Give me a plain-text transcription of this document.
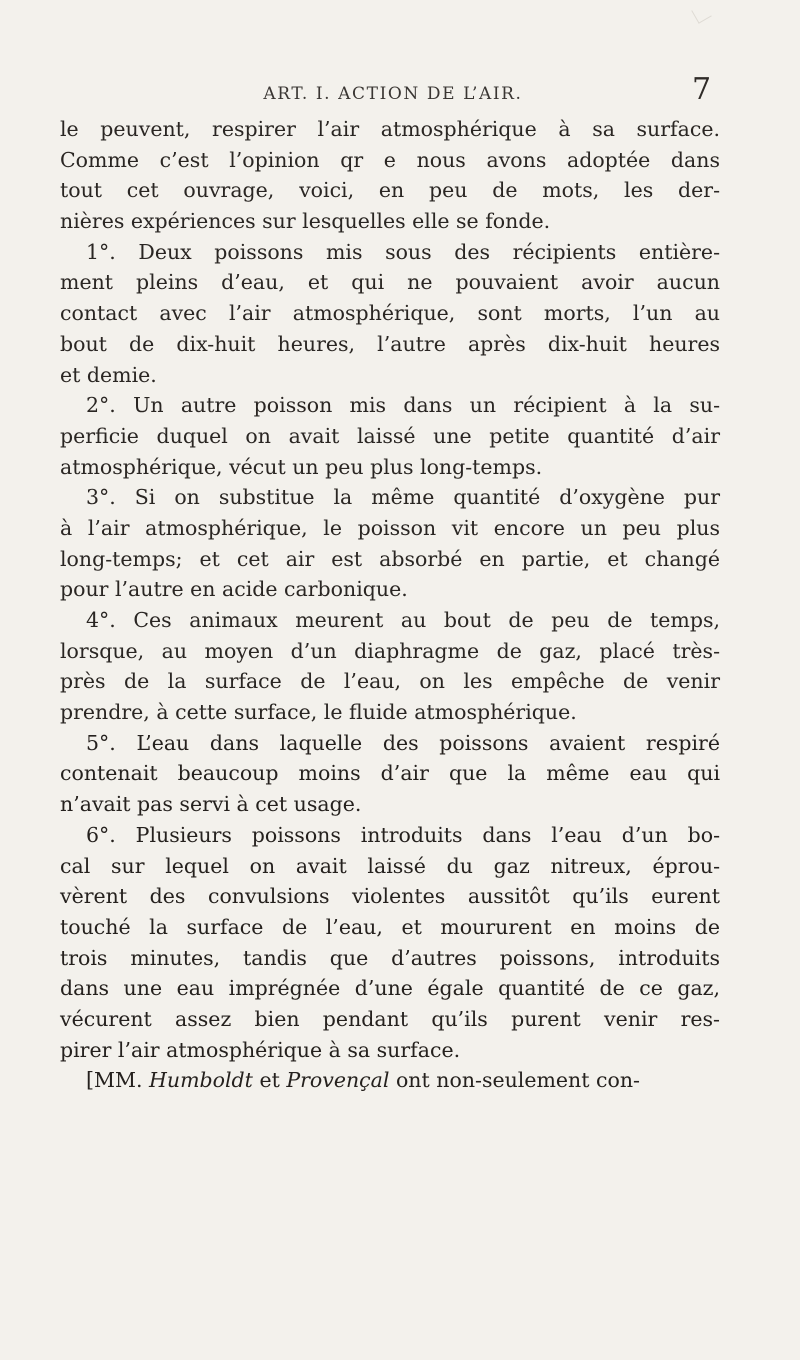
ART. I. ACTION DE L’AIR.	7
le peuvent, respirer l’air atmosphérique à sa surface.
Comme c’est l’opinion qr e nous avons adoptée dans
tout cet ouvrage, voici, en peu de mots, les der-
nières expériences sur lesquelles elle se fonde.
1°. Deux poissons mis sous des récipients entière-
ment pleins d’eau, et qui ne pouvaient avoir aucun
contact avec l’air atmosphérique, sont morts, l’un au
bout de dix-huit heures, l’autre après dix-huit heures
et demie.
2°. Un autre poisson mis dans un récipient à la su-
perficie duquel on avait laissé une petite quantité d’air
atmosphérique, vécut un peu plus long-temps.
3°. Si on substitue la même quantité d’oxygène pur
à l’air atmosphérique, le poisson vit encore un peu plus
long-temps; et cet air est absorbé en partie, et changé
pour l’autre en acide carbonique.
4°. Ces animaux meurent au bout de peu de temps,
lorsque, au moyen d’un diaphragme de gaz, placé très-
près de la surface de l’eau, on les empêche de venir
prendre, à cette surface, le fluide atmosphérique.
5°. L’eau dans laquelle des poissons avaient respiré
contenait beaucoup moins d’air que la même eau qui
n’avait pas servi à cet usage.
6°. Plusieurs poissons introduits dans l’eau d’un bo-
cal sur lequel on avait laissé du gaz nitreux, éprou-
vèrent des convulsions violentes aussitôt qu’ils eurent
touché la surface de l’eau, et moururent en moins de
trois minutes, tandis que d’autres poissons, introduits
dans une eau imprégnée d’une égale quantité de ce gaz,
vécurent assez bien pendant qu’ils purent venir res-
pirer l’air atmosphérique à sa surface.
[MM. Humboldt et Provençal ont non-seulement con-
